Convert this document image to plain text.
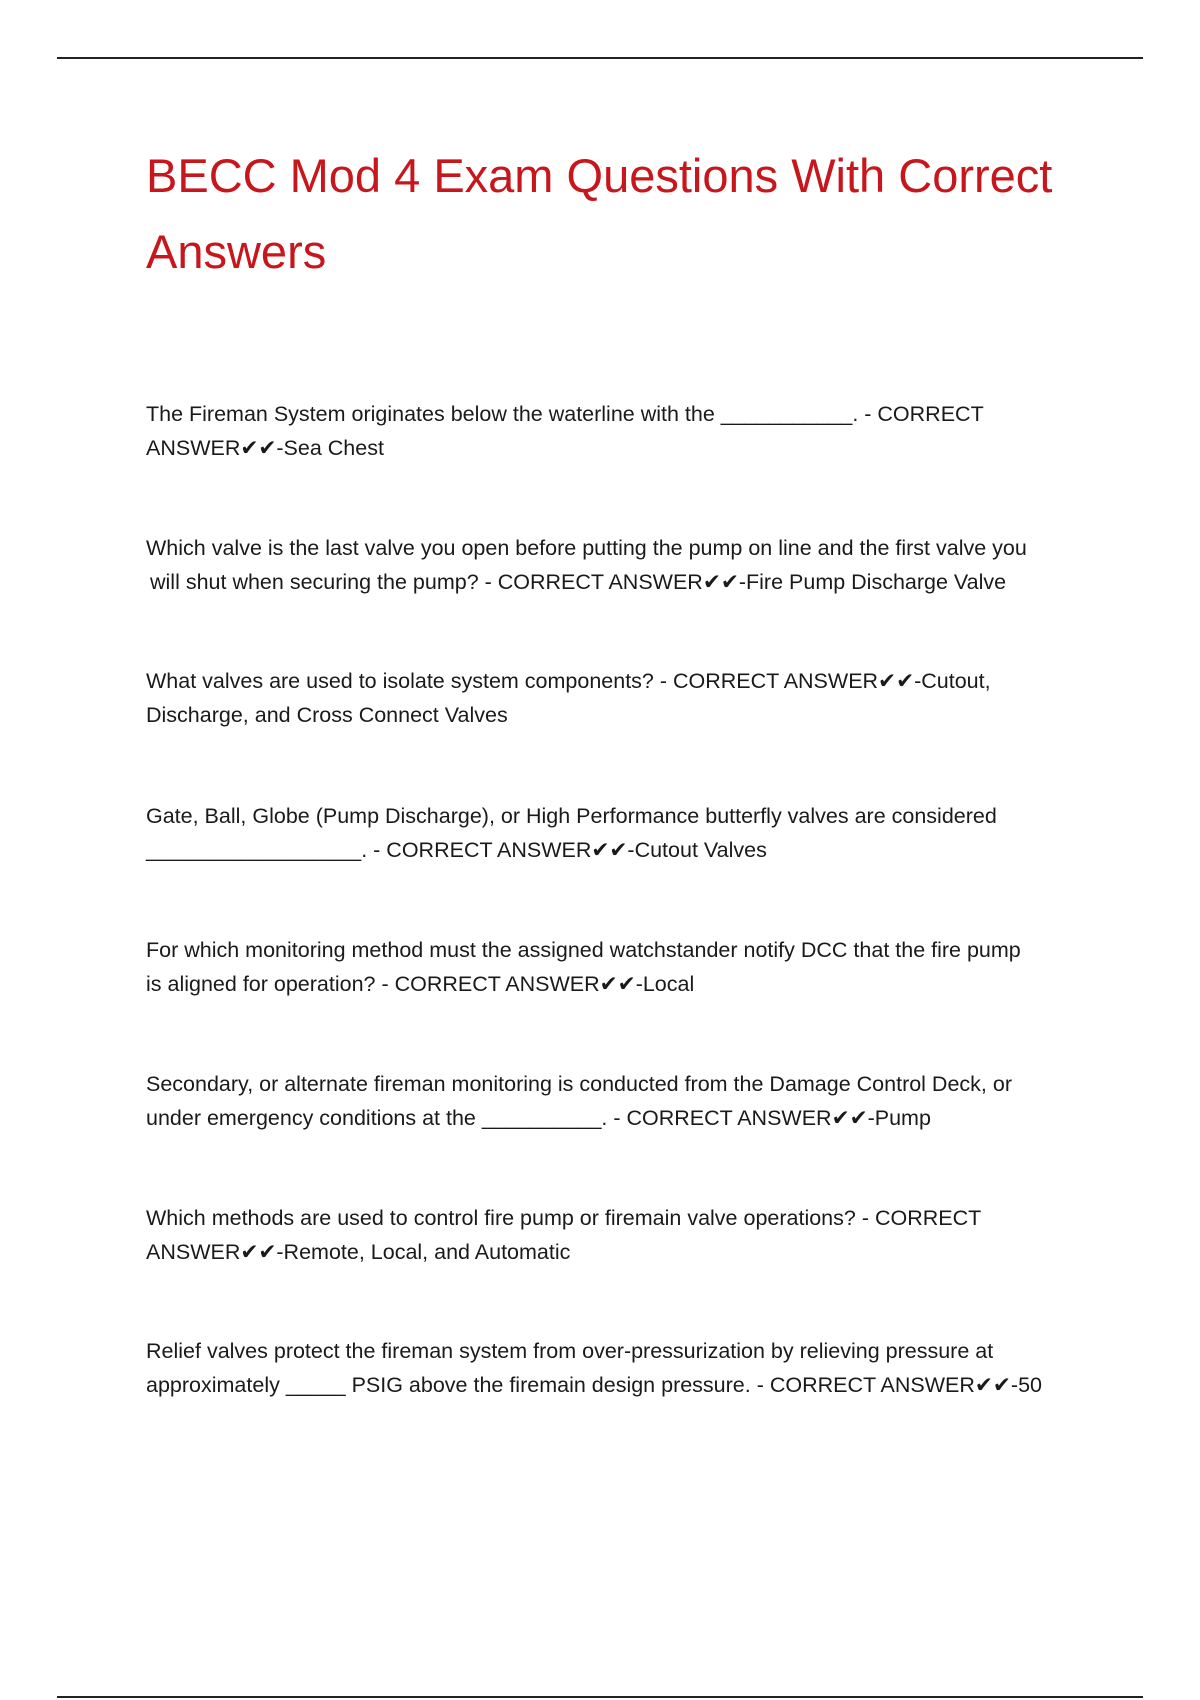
BECC Mod 4 Exam Questions With Correct
Answers

The Fireman System originates below the waterline with the ___________. - CORRECT
ANSWER✔✔-Sea Chest

Which valve is the last valve you open before putting the pump on line and the first valve you
will shut when securing the pump? - CORRECT ANSWER✔✔-Fire Pump Discharge Valve

What valves are used to isolate system components? - CORRECT ANSWER✔✔-Cutout,
Discharge, and Cross Connect Valves

Gate, Ball, Globe (Pump Discharge), or High Performance butterfly valves are considered
__________________. - CORRECT ANSWER✔✔-Cutout Valves

For which monitoring method must the assigned watchstander notify DCC that the fire pump
is aligned for operation? - CORRECT ANSWER✔✔-Local

Secondary, or alternate fireman monitoring is conducted from the Damage Control Deck, or
under emergency conditions at the __________. - CORRECT ANSWER✔✔-Pump

Which methods are used to control fire pump or firemain valve operations? - CORRECT
ANSWER✔✔-Remote, Local, and Automatic

Relief valves protect the fireman system from over-pressurization by relieving pressure at
approximately _____ PSIG above the firemain design pressure. - CORRECT ANSWER✔✔-50
